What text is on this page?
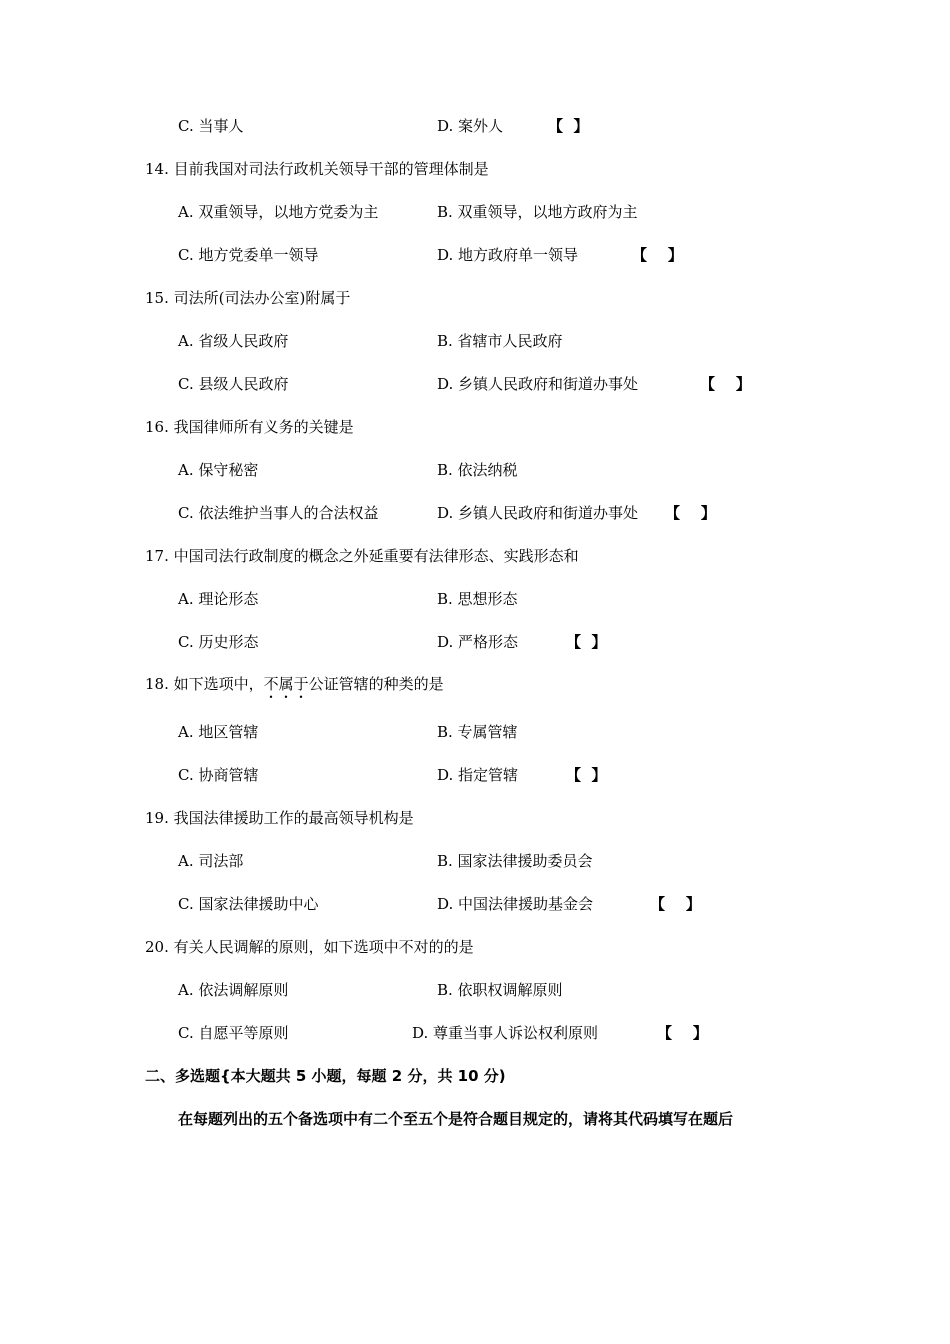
C. 当事人	D. 案外人	【  】
14. 目前我国对司法行政机关领导干部的管理体制是
A. 双重领导，以地方党委为主	B. 双重领导，以地方政府为主
C. 地方党委单一领导	D. 地方政府单一领导	【    】
15. 司法所(司法办公室)附属于
A. 省级人民政府	B. 省辖市人民政府
C. 县级人民政府	D. 乡镇人民政府和街道办事处	【    】
16. 我国律师所有义务的关键是
A. 保守秘密	B. 依法纳税
C. 依法维护当事人的合法权益	D. 乡镇人民政府和街道办事处 【    】
17. 中国司法行政制度的概念之外延重要有法律形态、实践形态和
A. 理论形态	B. 思想形态
C. 历史形态	D. 严格形态	【  】
18. 如下选项中，不属于公证管辖的种类的是
A. 地区管辖	B. 专属管辖
C. 协商管辖	D. 指定管辖	【  】
19. 我国法律援助工作的最高领导机构是
A. 司法部	B. 国家法律援助委员会
C. 国家法律援助中心	D. 中国法律援助基金会	【    】
20. 有关人民调解的原则，如下选项中不对的的是
A. 依法调解原则	B. 依职权调解原则
C. 自愿平等原则	D. 尊重当事人诉讼权利原则	【    】
二、多选题{本大题共 5 小题，每题 2 分，共 10 分)
在每题列出的五个备选项中有二个至五个是符合题目规定的，请将其代码填写在题后
